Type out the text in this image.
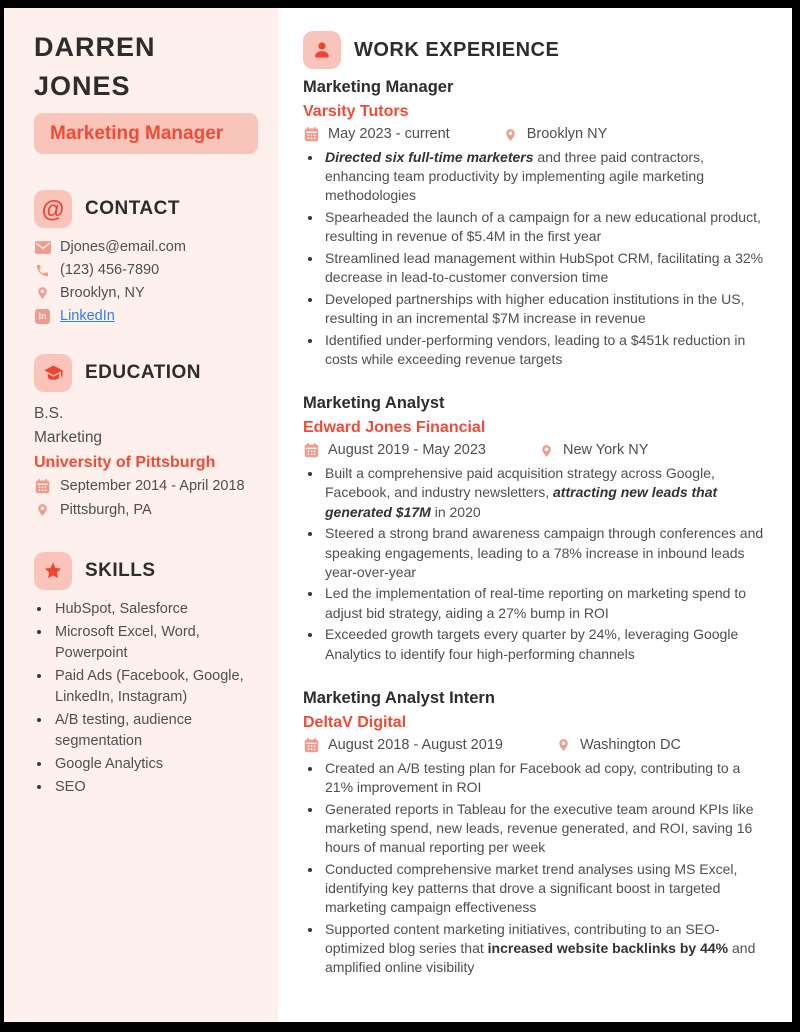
DARREN JONES
Marketing Manager
@ CONTACT
Djones@email.com
(123) 456-7890
Brooklyn, NY
in LinkedIn
EDUCATION
B.S.
Marketing
University of Pittsburgh
September 2014 - April 2018
Pittsburgh, PA
SKILLS
• HubSpot, Salesforce
• Microsoft Excel, Word, Powerpoint
• Paid Ads (Facebook, Google, LinkedIn, Instagram)
• A/B testing, audience segmentation
• Google Analytics
• SEO
WORK EXPERIENCE
Marketing Manager
Varsity Tutors
May 2023 - current	Brooklyn NY
• Directed six full-time marketers and three paid contractors, enhancing team productivity by implementing agile marketing methodologies
• Spearheaded the launch of a campaign for a new educational product, resulting in revenue of $5.4M in the first year
• Streamlined lead management within HubSpot CRM, facilitating a 32% decrease in lead-to-customer conversion time
• Developed partnerships with higher education institutions in the US, resulting in an incremental $7M increase in revenue
• Identified under-performing vendors, leading to a $451k reduction in costs while exceeding revenue targets
Marketing Analyst
Edward Jones Financial
August 2019 - May 2023	New York NY
• Built a comprehensive paid acquisition strategy across Google, Facebook, and industry newsletters, attracting new leads that generated $17M in 2020
• Steered a strong brand awareness campaign through conferences and speaking engagements, leading to a 78% increase in inbound leads year-over-year
• Led the implementation of real-time reporting on marketing spend to adjust bid strategy, aiding a 27% bump in ROI
• Exceeded growth targets every quarter by 24%, leveraging Google Analytics to identify four high-performing channels
Marketing Analyst Intern
DeltaV Digital
August 2018 - August 2019	Washington DC
• Created an A/B testing plan for Facebook ad copy, contributing to a 21% improvement in ROI
• Generated reports in Tableau for the executive team around KPIs like marketing spend, new leads, revenue generated, and ROI, saving 16 hours of manual reporting per week
• Conducted comprehensive market trend analyses using MS Excel, identifying key patterns that drove a significant boost in targeted marketing campaign effectiveness
• Supported content marketing initiatives, contributing to an SEO-optimized blog series that increased website backlinks by 44% and amplified online visibility
